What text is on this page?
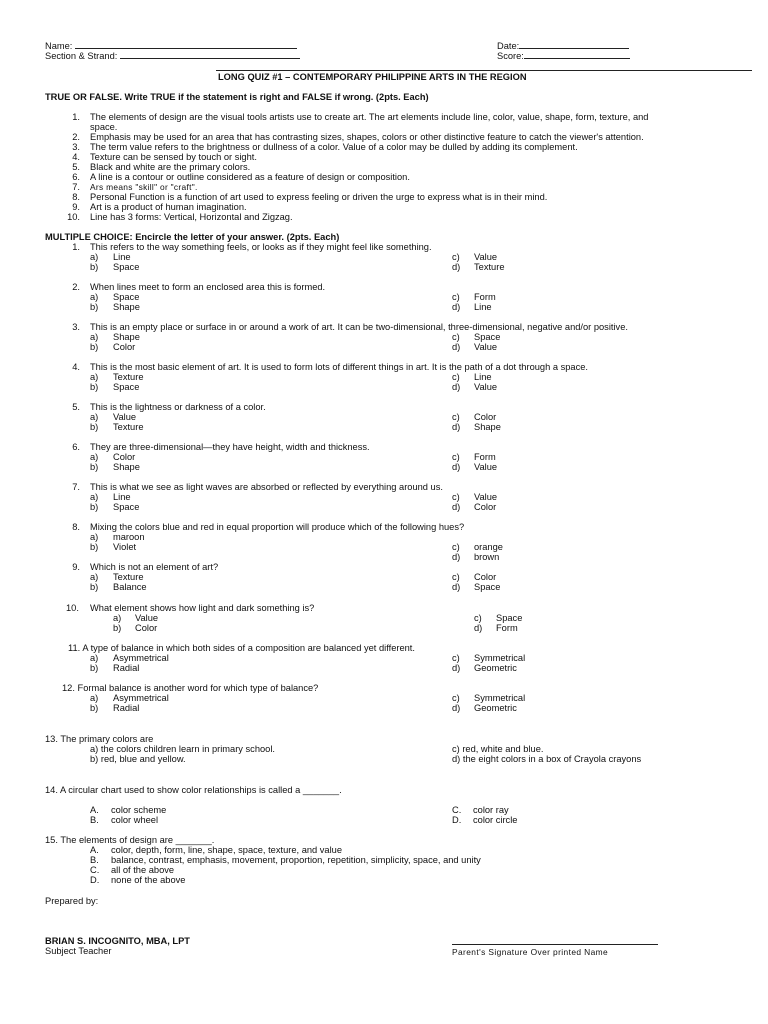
Name:
Section & Strand:
Date:
Score:
LONG QUIZ #1 – CONTEMPORARY PHILIPPINE ARTS IN THE REGION
TRUE OR FALSE. Write TRUE if the statement is right and FALSE if wrong. (2pts. Each)
1. The elements of design are the visual tools artists use to create art. The art elements include line, color, value, shape, form, texture, and
space.
2. Emphasis may be used for an area that has contrasting sizes, shapes, colors or other distinctive feature to catch the viewer's attention.
3. The term value refers to the brightness or dullness of a color. Value of a color may be dulled by adding its complement.
4. Texture can be sensed by touch or sight.
5. Black and white are the primary colors.
6. A line is a contour or outline considered as a feature of design or composition.
7. Ars means "skill" or "craft".
8. Personal Function is a function of art used to express feeling or driven the urge to express what is in their mind.
9. Art is a product of human imagination.
10. Line has 3 forms: Vertical, Horizontal and Zigzag.
MULTIPLE CHOICE: Encircle the letter of your answer. (2pts. Each)
1. This refers to the way something feels, or looks as if they might feel like something.
a) Line
b) Space
c) Value
d) Texture
2. When lines meet to form an enclosed area this is formed.
a) Space
b) Shape
c) Form
d) Line
3. This is an empty place or surface in or around a work of art. It can be two-dimensional, three-dimensional, negative and/or positive.
a) Shape
b) Color
c) Space
d) Value
4. This is the most basic element of art. It is used to form lots of different things in art. It is the path of a dot through a space.
a) Texture
b) Space
c) Line
d) Value
5. This is the lightness or darkness of a color.
a) Value
b) Texture
c) Color
d) Shape
6. They are three-dimensional—they have height, width and thickness.
a) Color
b) Shape
c) Form
d) Value
7. This is what we see as light waves are absorbed or reflected by everything around us.
a) Line
b) Space
c) Value
d) Color
8. Mixing the colors blue and red in equal proportion will produce which of the following hues?
a) maroon
b) Violet	c) orange
d) brown
9. Which is not an element of art?
a) Texture
b) Balance
c) Color
d) Space
10. What element shows how light and dark something is?
a) Value
b) Color
c) Space
d) Form
11. A type of balance in which both sides of a composition are balanced yet different.
a) Asymmetrical
b) Radial
c) Symmetrical
d) Geometric
12. Formal balance is another word for which type of balance?
a) Asymmetrical
b) Radial
c) Symmetrical
d) Geometric
13. The primary colors are
a) the colors children learn in primary school.
b) red, blue and yellow.
c) red, white and blue.
d) the eight colors in a box of Crayola crayons
14. A circular chart used to show color relationships is called a _______.
A. color scheme
B. color wheel
C. color ray
D. color circle
15. The elements of design are _______.
A. color, depth, form, line, shape, space, texture, and value
B. balance, contrast, emphasis, movement, proportion, repetition, simplicity, space, and unity
C. all of the above
D. none of the above
Prepared by:
BRIAN S. INCOGNITO, MBA, LPT
Subject Teacher	Parent's Signature Over printed Name
